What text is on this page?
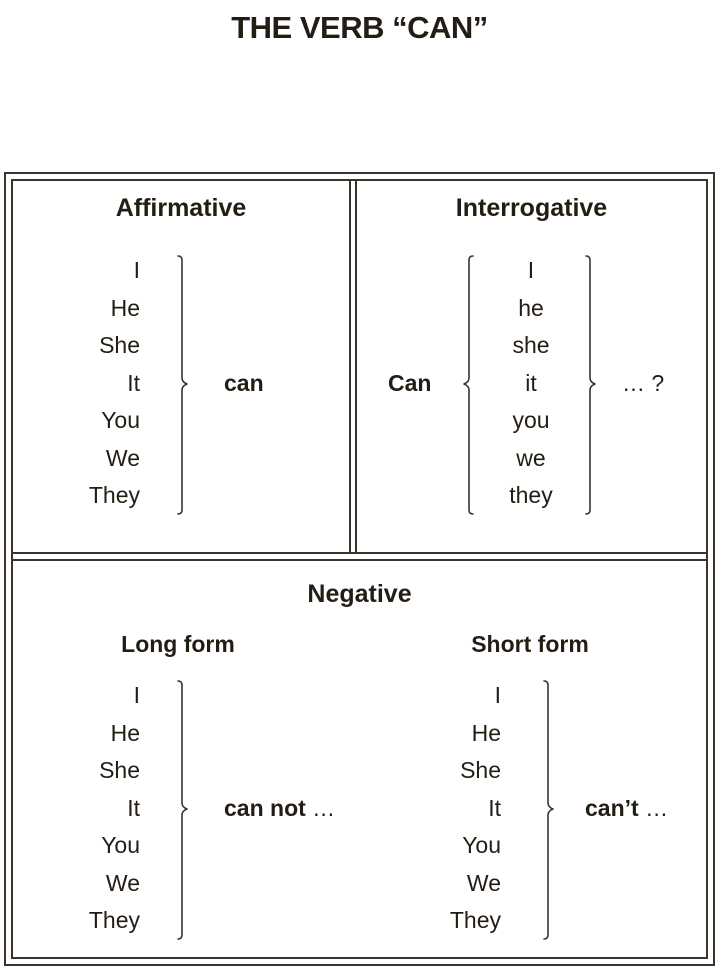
THE VERB “CAN”
Affirmative
I
He
She
It
You
We
They
can
Interrogative
Can
I
he
she
it
you
we
they
… ?
Negative
Long form
I
He
She
It
You
We
They
can not …
Short form
I
He
She
It
You
We
They
can’t …
